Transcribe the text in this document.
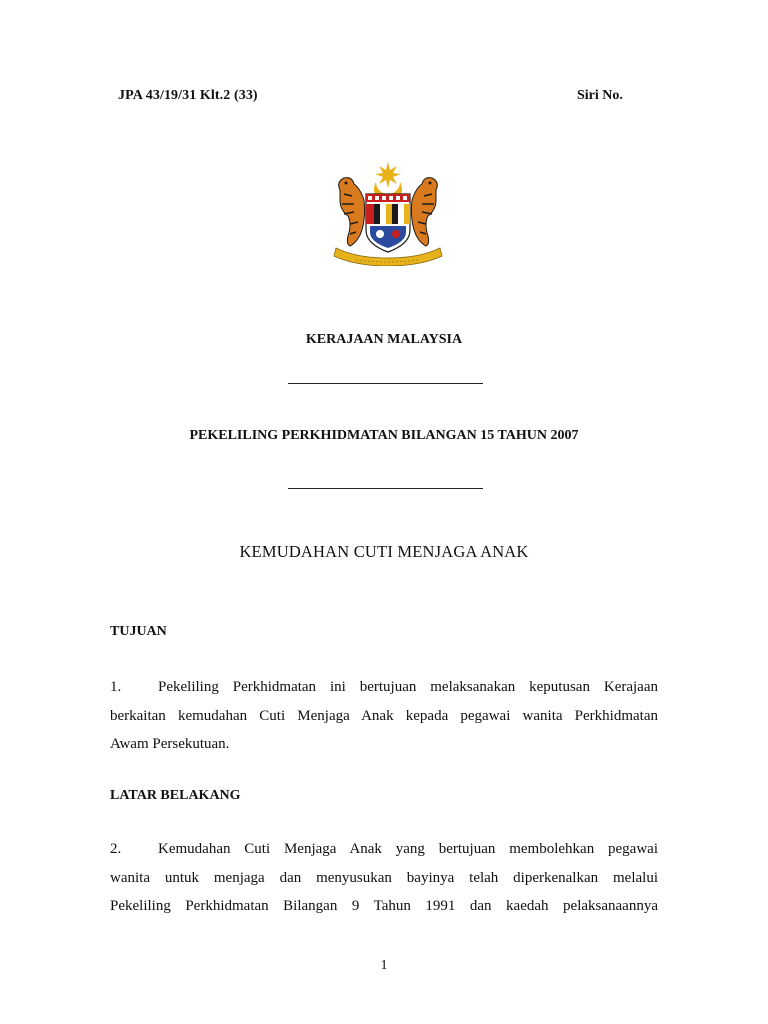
JPA 43/19/31 Klt.2 (33)	Siri No.
KERAJAAN MALAYSIA
PEKELILING PERKHIDMATAN BILANGAN 15 TAHUN 2007
KEMUDAHAN CUTI MENJAGA ANAK
TUJUAN
1. Pekeliling Perkhidmatan ini bertujuan melaksanakan keputusan Kerajaan
berkaitan kemudahan Cuti Menjaga Anak kepada pegawai wanita Perkhidmatan
Awam Persekutuan.
LATAR BELAKANG
2. Kemudahan Cuti Menjaga Anak yang bertujuan membolehkan pegawai
wanita untuk menjaga dan menyusukan bayinya telah diperkenalkan melalui
Pekeliling Perkhidmatan Bilangan 9 Tahun 1991 dan kaedah pelaksanaannya
1
